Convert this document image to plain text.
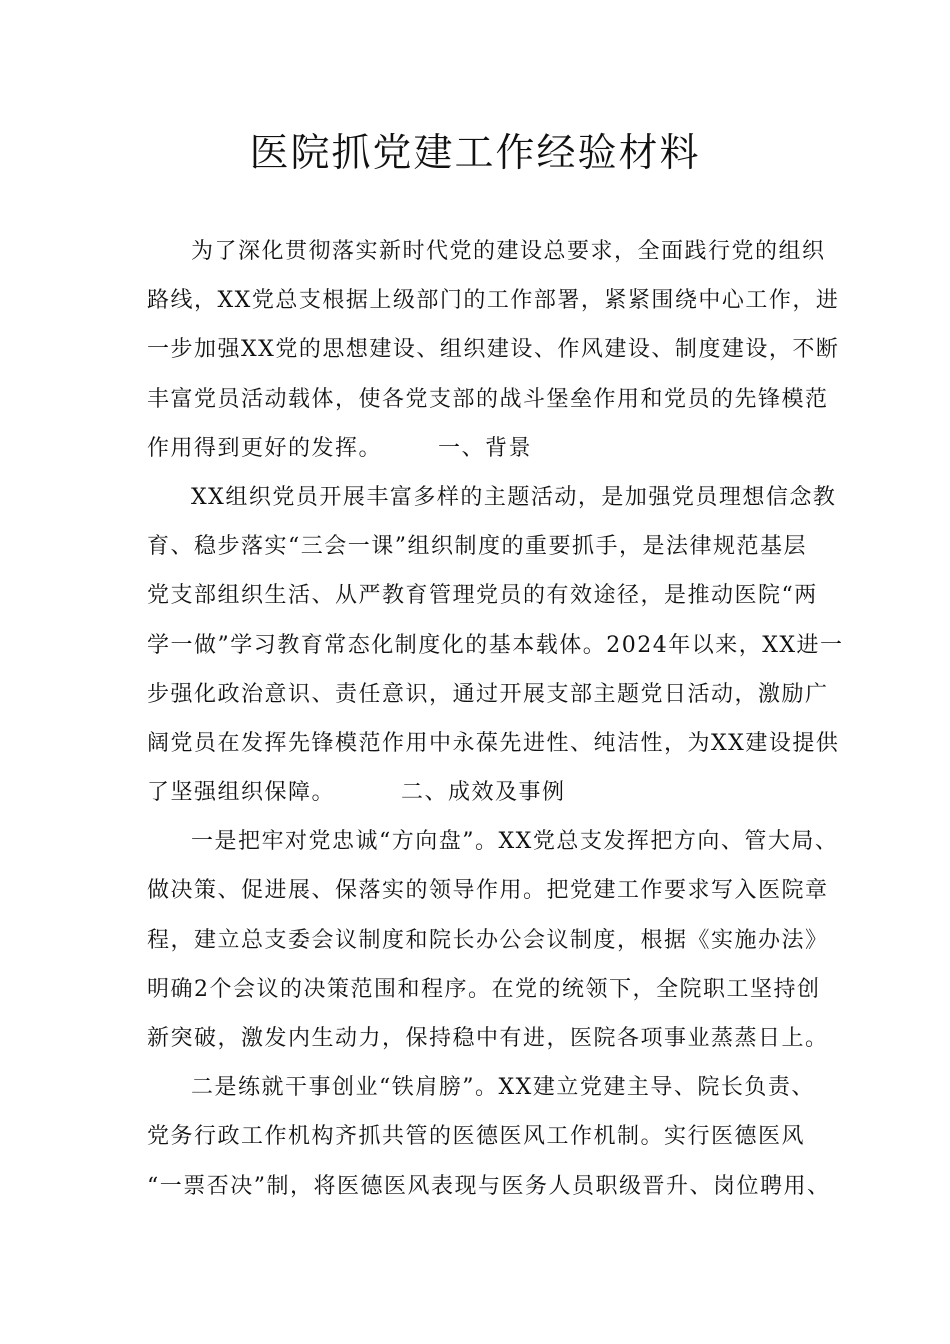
医院抓党建工作经验材料
为了深化贯彻落实新时代党的建设总要求，全面践行党的组织
路线，XX党总支根据上级部门的工作部署，紧紧围绕中心工作，进
一步加强XX党的思想建设、组织建设、作风建设、制度建设，不断
丰富党员活动载体，使各党支部的战斗堡垒作用和党员的先锋模范
作用得到更好的发挥。	一、背景
XX组织党员开展丰富多样的主题活动，是加强党员理想信念教
育、稳步落实“三会一课”组织制度的重要抓手，是法律规范基层
党支部组织生活、从严教育管理党员的有效途径，是推动医院“两
学一做”学习教育常态化制度化的基本载体。2024年以来，XX进一
步强化政治意识、责任意识，通过开展支部主题党日活动，激励广
阔党员在发挥先锋模范作用中永葆先进性、纯洁性，为XX建设提供
了坚强组织保障。	二、成效及事例
一是把牢对党忠诚“方向盘”。XX党总支发挥把方向、管大局、
做决策、促进展、保落实的领导作用。把党建工作要求写入医院章
程，建立总支委会议制度和院长办公会议制度，根据《实施办法》
明确2个会议的决策范围和程序。在党的统领下，全院职工坚持创
新突破，激发内生动力，保持稳中有进，医院各项事业蒸蒸日上。
二是练就干事创业“铁肩膀”。XX建立党建主导、院长负责、
党务行政工作机构齐抓共管的医德医风工作机制。实行医德医风
“一票否决”制，将医德医风表现与医务人员职级晋升、岗位聘用、
